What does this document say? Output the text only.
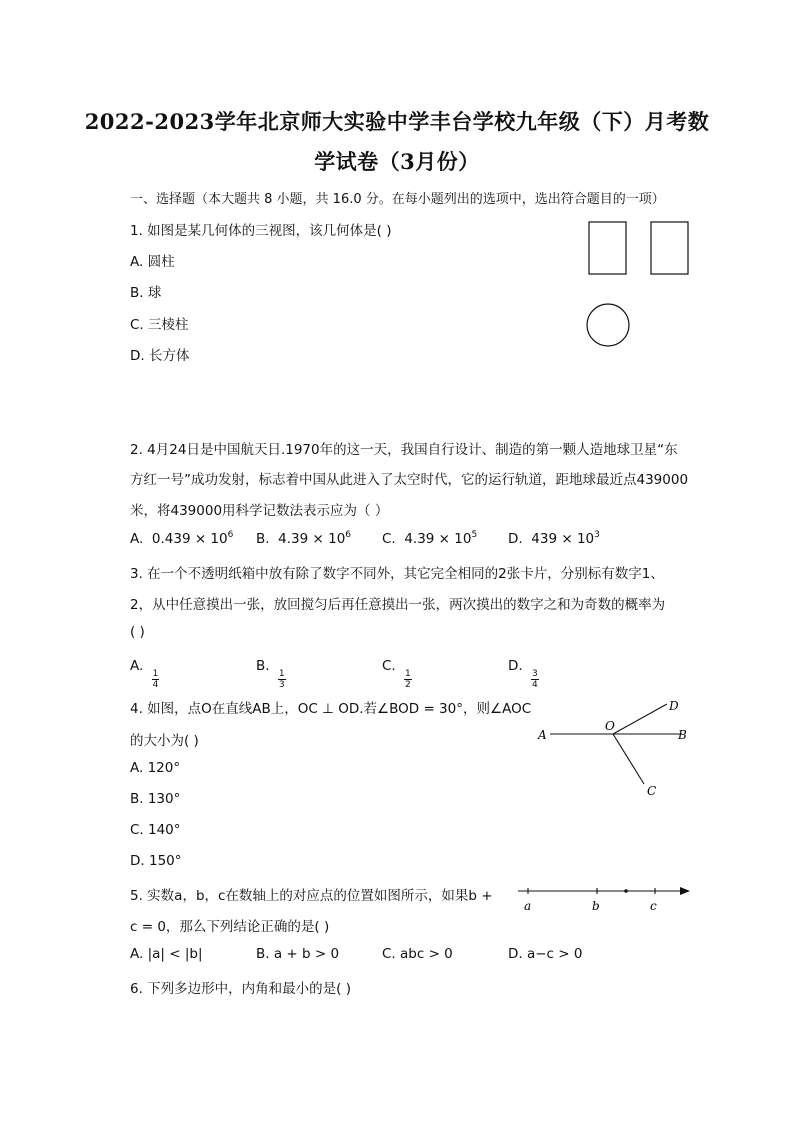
2022-2023学年北京师大实验中学丰台学校九年级（下）月考数
学试卷（3月份）
一、选择题（本大题共 8 小题，共 16.0 分。在每小题列出的选项中，选出符合题目的一项）
1. 如图是某几何体的三视图，该几何体是( )
A. 圆柱
B. 球
C. 三棱柱
D. 长方体
2. 4月24日是中国航天日.1970年的这一天，我国自行设计、制造的第一颗人造地球卫星“东
方红一号”成功发射，标志着中国从此进入了太空时代，它的运行轨道，距地球最近点439000
米，将439000用科学记数法表示应为（ ）
A. $0.439 \times 10^6$ B. $4.39 \times 10^6$ C. $4.39 \times 10^5$ D. $439 \times 10^3$
3. 在一个不透明纸箱中放有除了数字不同外，其它完全相同的2张卡片，分别标有数字1、
2，从中任意摸出一张，放回搅匀后再任意摸出一张，两次摸出的数字之和为奇数的概率为
( )
A.
$\frac{1}{4}$
B.
$\frac{1}{3}$
C.
$\frac{1}{2}$
D.
$\frac{3}{4}$
4. 如图，点O在直线AB上，OC ⊥ OD.若∠BOD = 30°，则∠AOC
的大小为( )
A. 120°
B. 130°
C. 140°
D. 150°
A
O
B
C
D
5. 实数a，b，c在数轴上的对应点的位置如图所示，如果b +
c = 0，那么下列结论正确的是( )
a	b	c
A. |a| < |b|	B. a + b > 0	C. abc > 0	D. a−c > 0
6. 下列多边形中，内角和最小的是( )
